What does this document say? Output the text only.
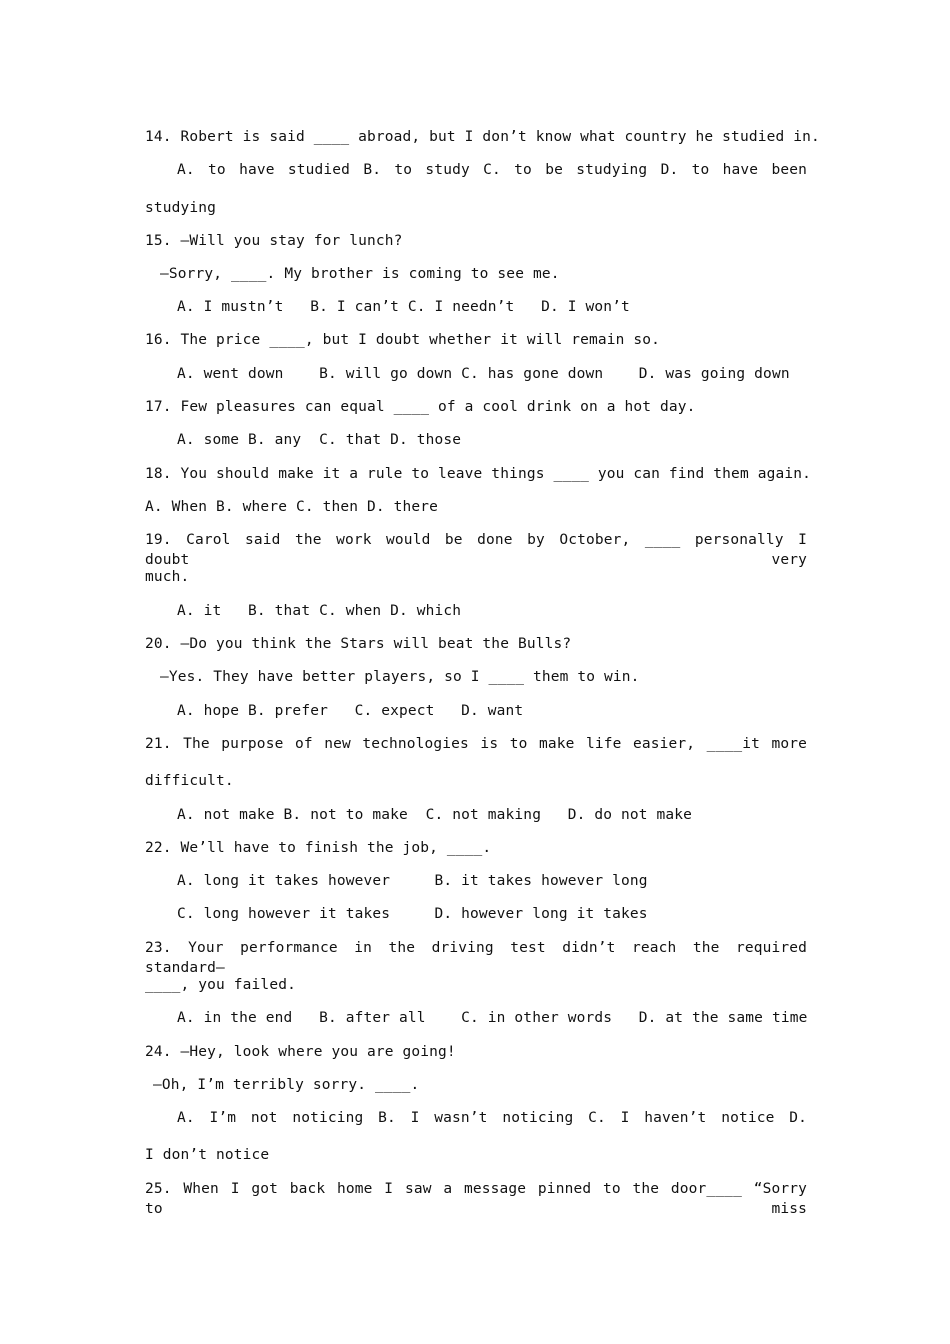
14. Robert is said ____ abroad, but I don’t know what country he studied in.
A. to have studied B. to study C. to be studying D. to have been
studying
15. —Will you stay for lunch?
—Sorry, ____. My brother is coming to see me.
A. I mustn’t   B. I can’t C. I needn’t   D. I won’t
16. The price ____, but I doubt whether it will remain so.
A. went down    B. will go down C. has gone down    D. was going down
17. Few pleasures can equal ____ of a cool drink on a hot day.
A. some B. any  C. that D. those
18. You should make it a rule to leave things ____ you can find them again.
A. When B. where C. then D. there
19. Carol said the work would be done by October, ____ personally I doubt very
much.
A. it   B. that C. when D. which
20. —Do you think the Stars will beat the Bulls?
—Yes. They have better players, so I ____ them to win.
A. hope B. prefer   C. expect   D. want
21. The purpose of new technologies is to make life easier, ____it more
difficult.
A. not make B. not to make  C. not making   D. do not make
22. We’ll have to finish the job, ____.
A. long it takes however     B. it takes however long
C. long however it takes     D. however long it takes
23. Your performance in the driving test didn’t reach the required standard—
____, you failed.
A. in the end   B. after all    C. in other words   D. at the same time
24. —Hey, look where you are going!
—Oh, I’m terribly sorry. ____.
A. I’m not noticing B. I wasn’t noticing C. I haven’t notice D.
I don’t notice
25. When I got back home I saw a message pinned to the door____ “Sorry to miss
